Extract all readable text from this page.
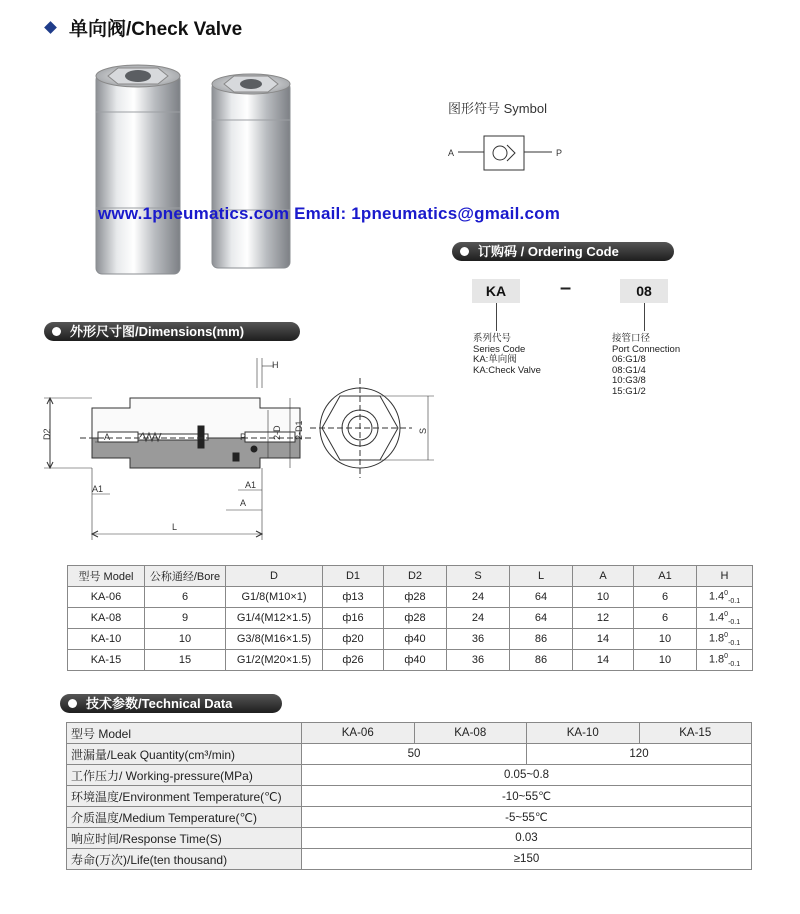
单向阀/Check Valve
www.1pneumatics.com Email: 1pneumatics@gmail.com
图形符号 Symbol
A	P
订购码 / Ordering Code
KA	–	08
系列代号
Series Code
KA:单向阀
KA:Check Valve
接管口径
Port Connection
06:G1/8
08:G1/4
10:G3/8
15:G1/2
外形尺寸图/Dimensions(mm)
D2
H
2-D 2-D1
A	P
A1	A1
A
L
S
型号 Model	公称通经/Bore	D	D1	D2	S	L	A	A1	H
KA-06	6	G1/8(M10×1)	ф13	ф28	24	64	10	6	$1.4^0_{-0.1}$
KA-08	9	G1/4(M12×1.5)	ф16	ф28	24	64	12	6	$1.4^0_{-0.1}$
KA-10	10	G3/8(M16×1.5)	ф20	ф40	36	86	14	10	$1.8^0_{-0.1}$
KA-15	15	G1/2(M20×1.5)	ф26	ф40	36	86	14	10	$1.8^0_{-0.1}$
技术参数/Technical Data
型号 Model	KA-06	KA-08	KA-10	KA-15
泄漏量/Leak Quantity(cm³/min)	50		120	
工作压力/ Working-pressure(MPa)	0.05~0.8			
环境温度/Environment Temperature(℃)	-10~55℃			
介质温度/Medium Temperature(℃)	-5~55℃			
响应时间/Response Time(S)	0.03			
寿命(万次)/Life(ten thousand)	≥150			
